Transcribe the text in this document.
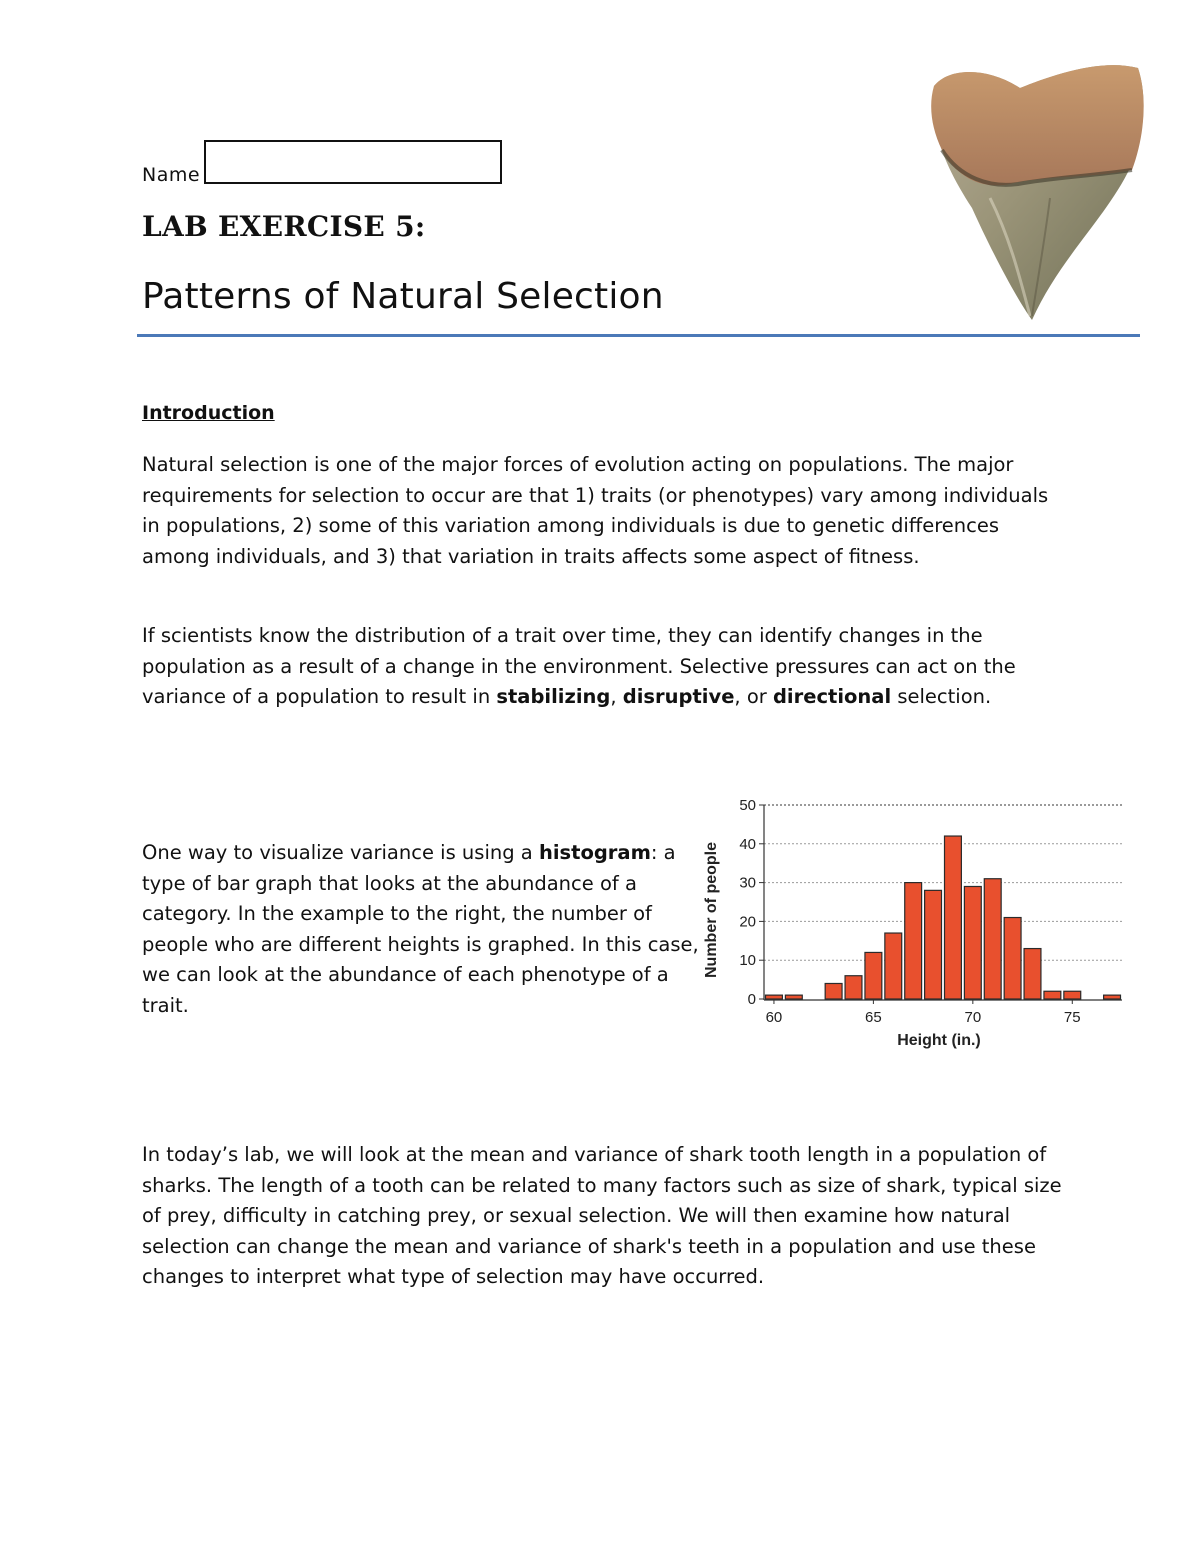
Name
LAB EXERCISE 5:
Patterns of Natural Selection
Introduction

Natural selection is one of the major forces of evolution acting on populations. The major requirements for selection to occur are that 1) traits (or phenotypes) vary among individuals in populations, 2) some of this variation among individuals is due to genetic differences among individuals, and 3) that variation in traits affects some aspect of fitness.

If scientists know the distribution of a trait over time, they can identify changes in the population as a result of a change in the environment. Selective pressures can act on the variance of a population to result in stabilizing, disruptive, or directional selection.

One way to visualize variance is using a histogram: a type of bar graph that looks at the abundance of a category. In the example to the right, the number of people who are different heights is graphed. In this case, we can look at the abundance of each phenotype of a trait.	0
10
20
30
40
50
60	65	70	75
Height (in.)
Number of people

In today’s lab, we will look at the mean and variance of shark tooth length in a population of sharks. The length of a tooth can be related to many factors such as size of shark, typical size of prey, difficulty in catching prey, or sexual selection. We will then examine how natural selection can change the mean and variance of shark's teeth in a population and use these changes to interpret what type of selection may have occurred.
